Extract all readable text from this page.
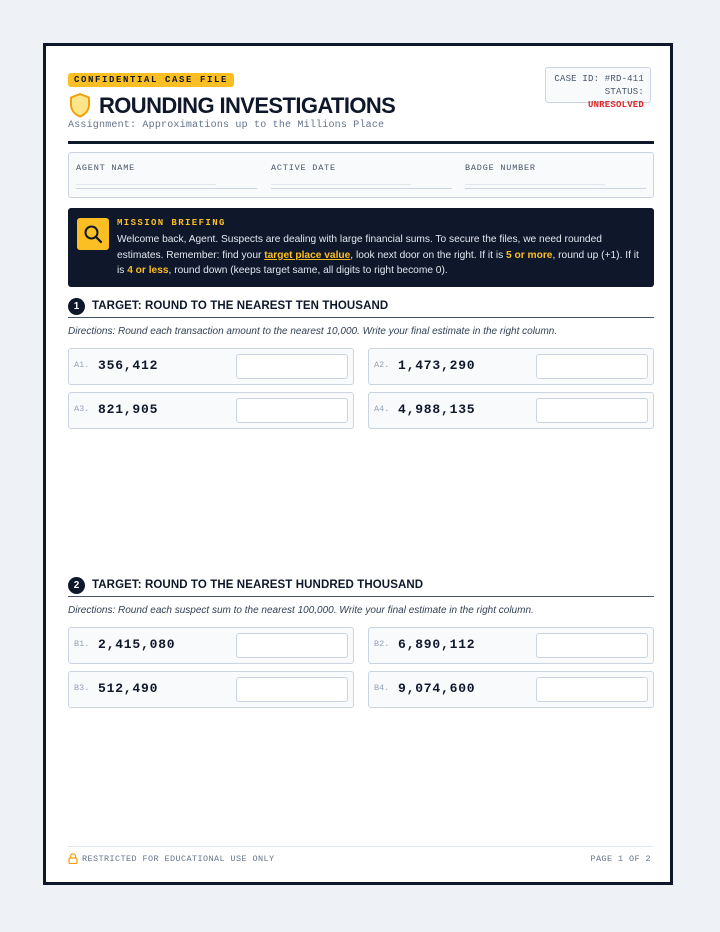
CONFIDENTIAL CASE FILE
ROUNDING INVESTIGATIONS
Assignment: Approximations up to the Millions Place
CASE ID: #RD-411
STATUS: UNRESOLVED
AGENT NAME	ACTIVE DATE	BADGE NUMBER
MISSION BRIEFING
Welcome back, Agent. Suspects are dealing with large financial sums. To secure the files, we need rounded estimates. Remember: find your target place value, look next door on the right. If it is 5 or more, round up (+1). If it is 4 or less, round down (keeps target same, all digits to right become 0).
1	TARGET: ROUND TO THE NEAREST TEN THOUSAND
Directions: Round each transaction amount to the nearest 10,000. Write your final estimate in the right column.
A1. 356,412	A2. 1,473,290
A3. 821,905	A4. 4,988,135
2	TARGET: ROUND TO THE NEAREST HUNDRED THOUSAND
Directions: Round each suspect sum to the nearest 100,000. Write your final estimate in the right column.
B1. 2,415,080	B2. 6,890,112
B3. 512,490	B4. 9,074,600
RESTRICTED FOR EDUCATIONAL USE ONLY	PAGE 1 OF 2
